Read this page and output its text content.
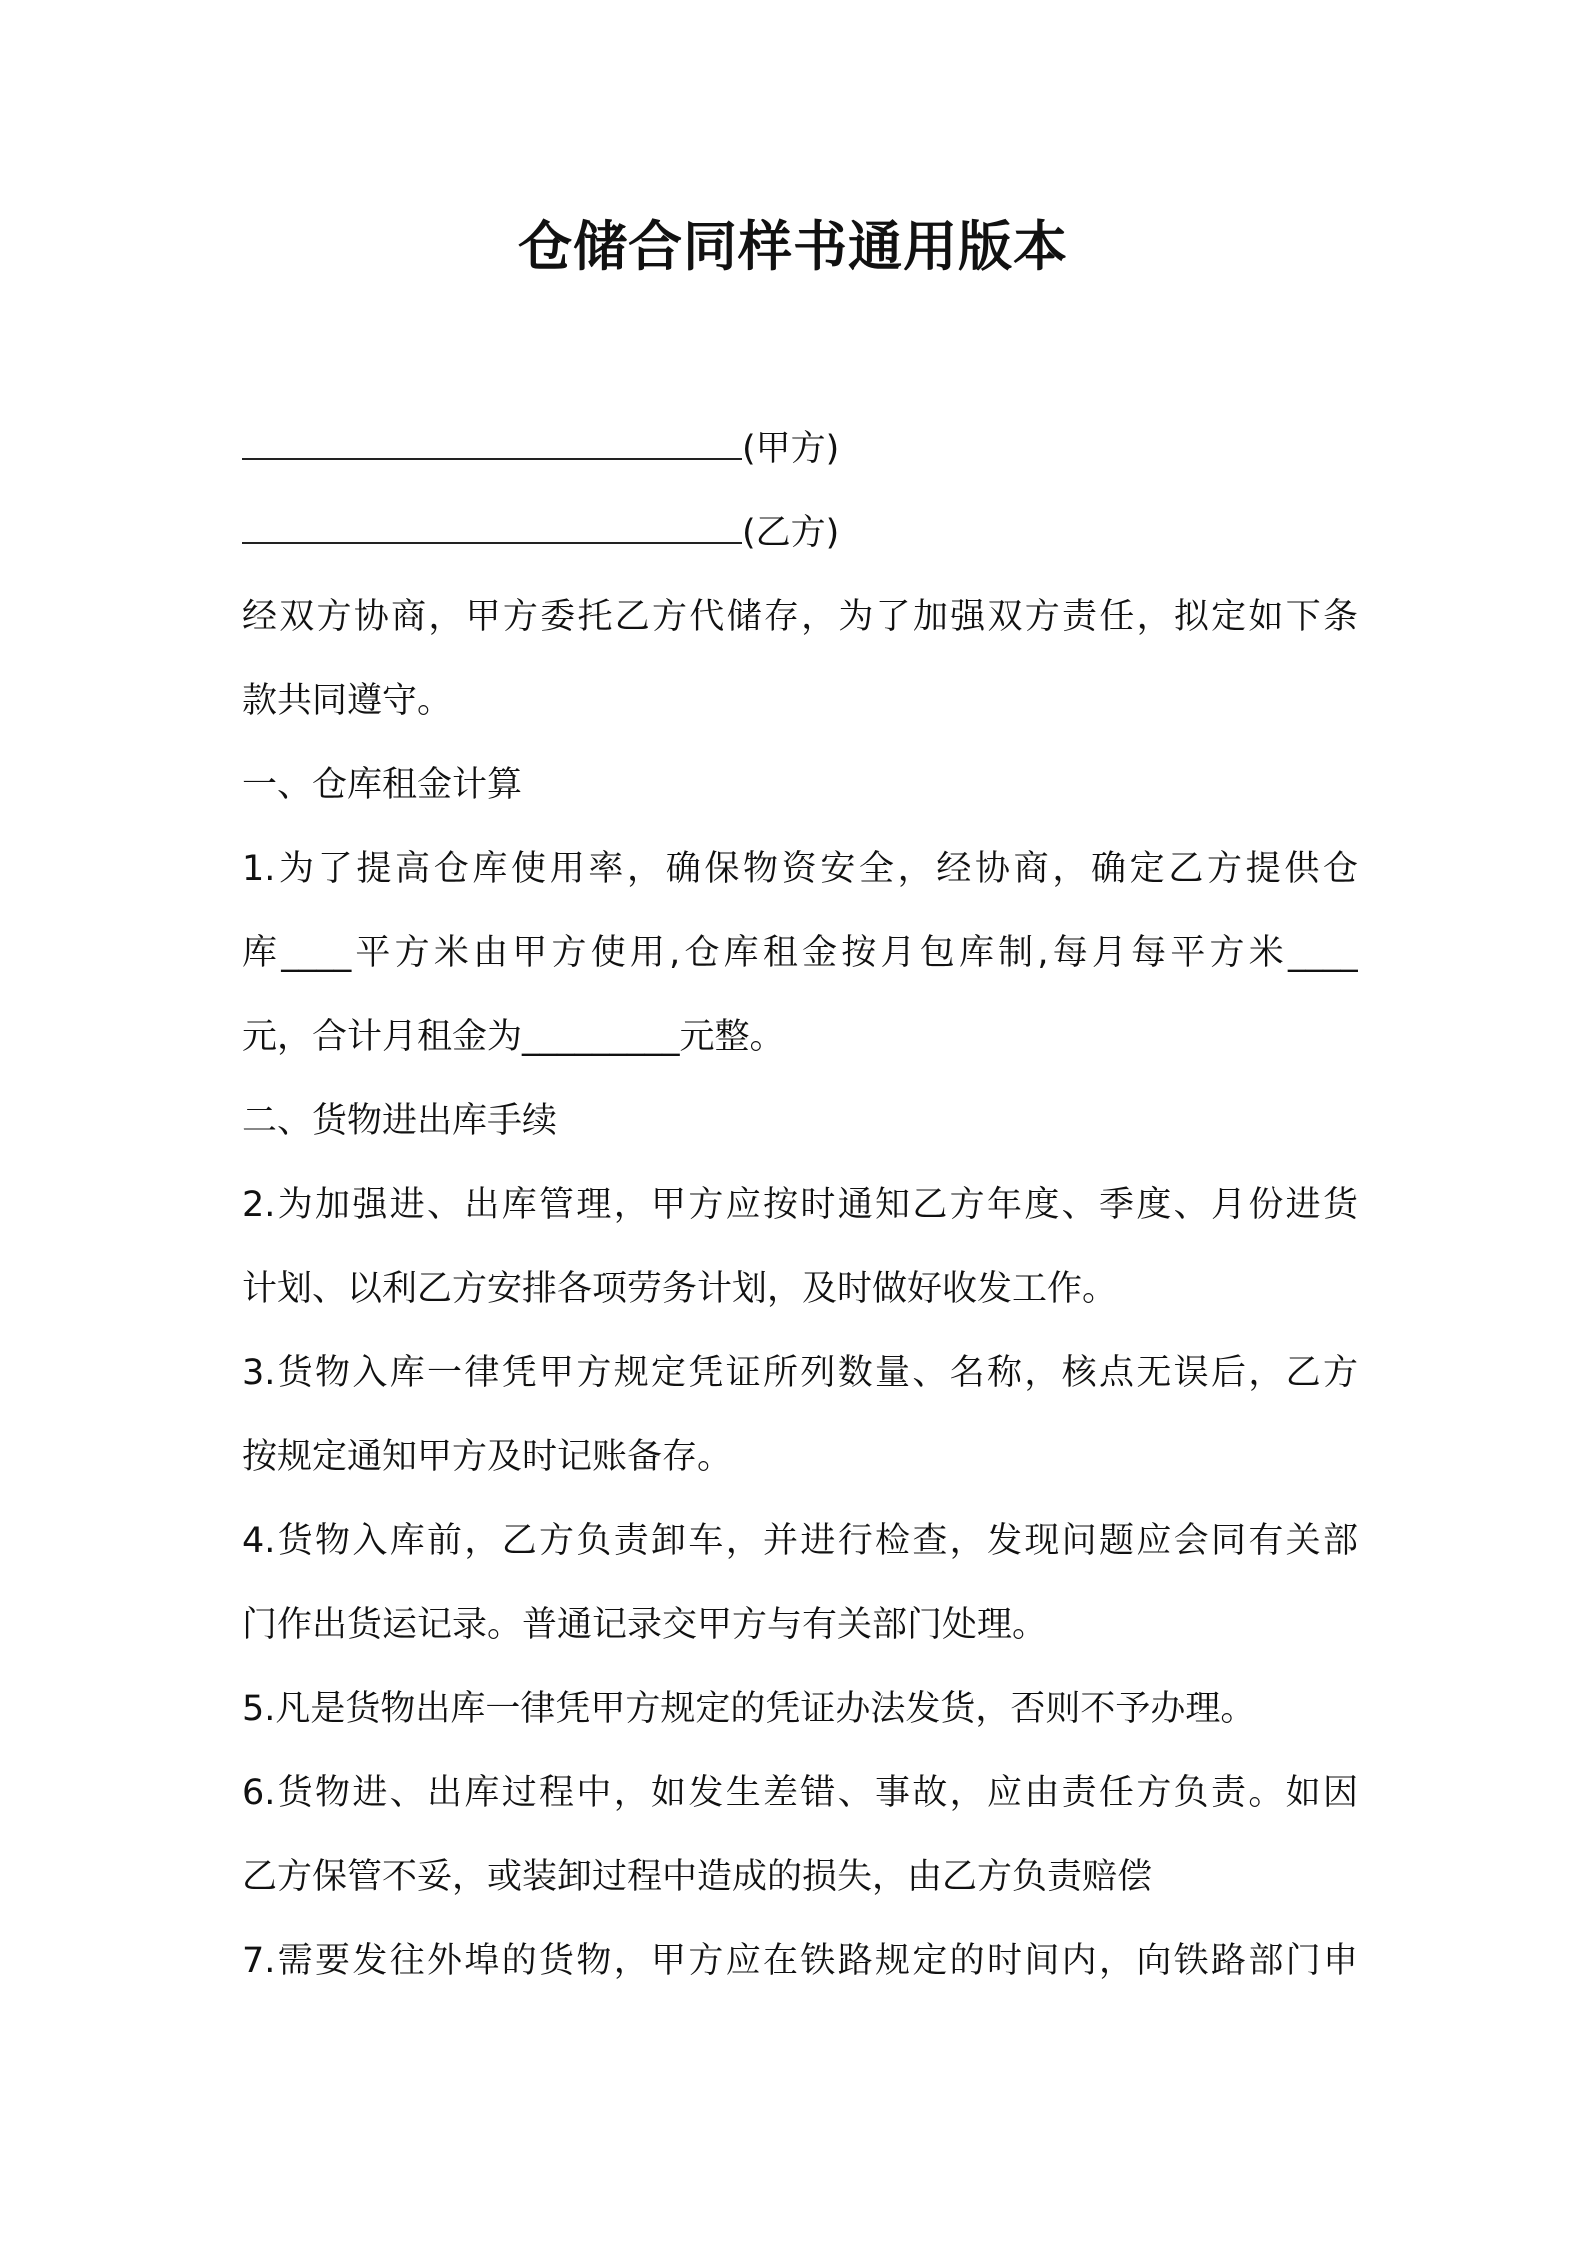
仓储合同样书通用版本
(甲方)
(乙方)
经双方协商，甲方委托乙方代储存，为了加强双方责任，拟定如下条
款共同遵守。
一、仓库租金计算
1.为了提高仓库使用率，确保物资安全，经协商，确定乙方提供仓
库____平方米由甲方使用,仓库租金按月包库制,每月每平方米____
元，合计月租金为_________元整。
二、货物进出库手续
2.为加强进、出库管理，甲方应按时通知乙方年度、季度、月份进货
计划、以利乙方安排各项劳务计划，及时做好收发工作。
3.货物入库一律凭甲方规定凭证所列数量、名称，核点无误后，乙方
按规定通知甲方及时记账备存。
4.货物入库前，乙方负责卸车，并进行检查，发现问题应会同有关部
门作出货运记录。普通记录交甲方与有关部门处理。
5.凡是货物出库一律凭甲方规定的凭证办法发货，否则不予办理。
6.货物进、出库过程中，如发生差错、事故，应由责任方负责。如因
乙方保管不妥，或装卸过程中造成的损失，由乙方负责赔偿
7.需要发往外埠的货物，甲方应在铁路规定的时间内，向铁路部门申
